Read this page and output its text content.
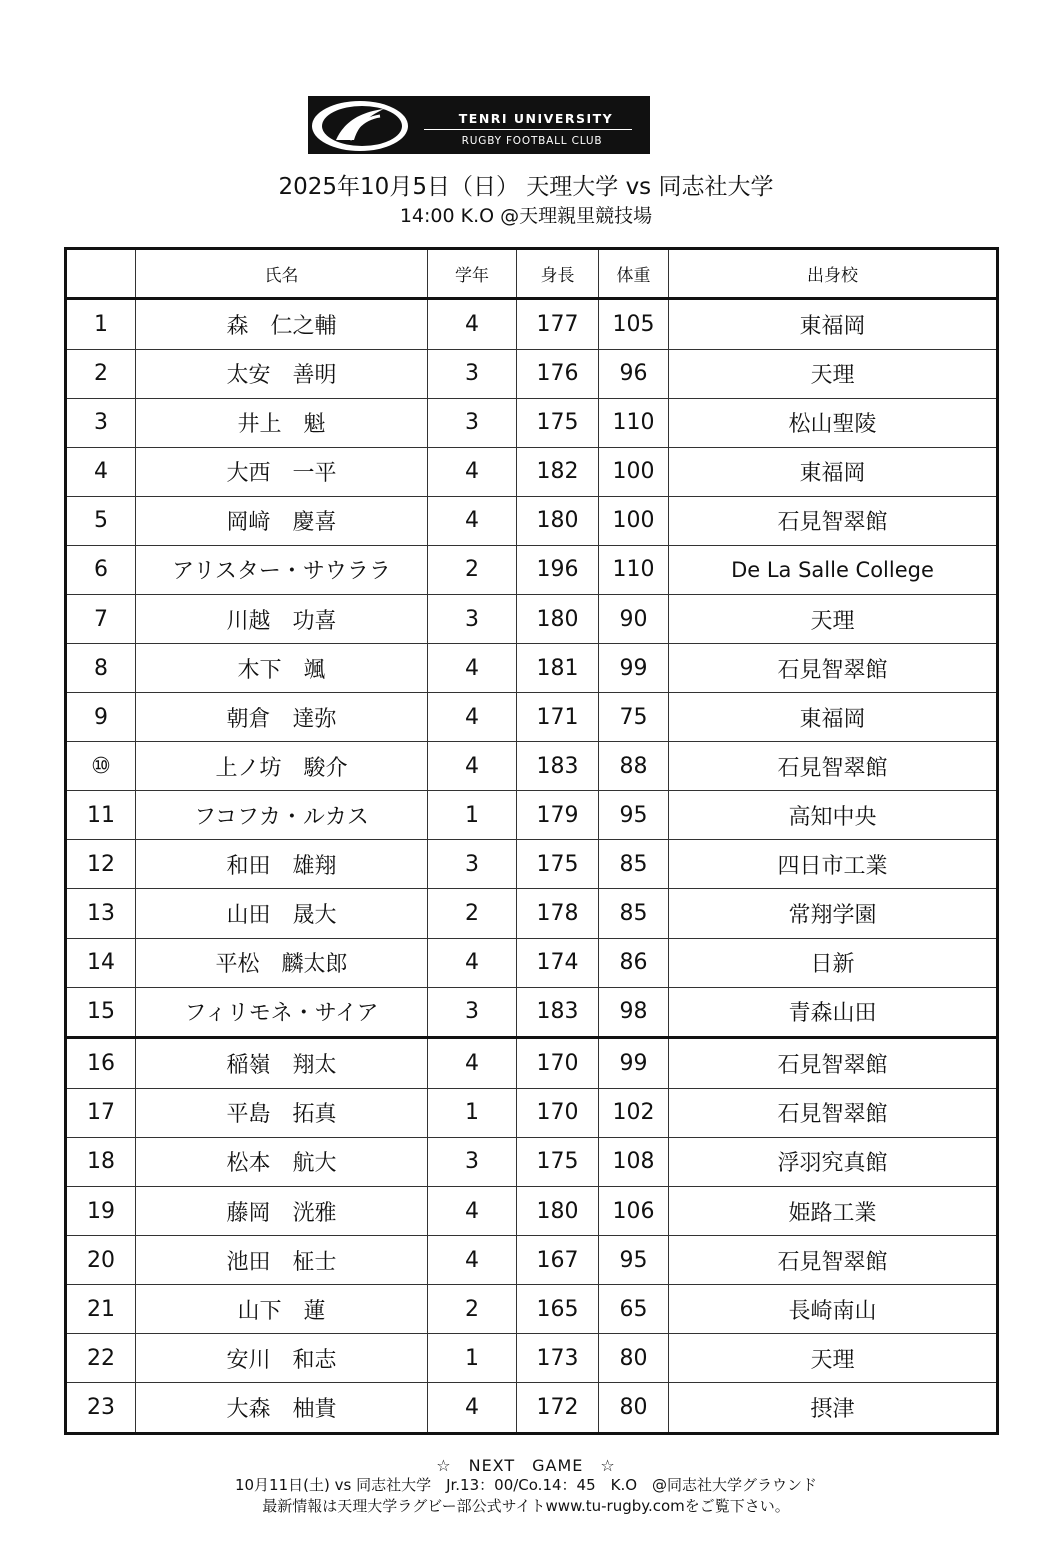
TENRI UNIVERSITY
RUGBY FOOTBALL CLUB
2025年10月5日（日） 天理大学 vs 同志社大学
14:00 K.O @天理親里競技場
	氏名	学年	身長	体重	出身校
1	森　仁之輔	4	177	105	東福岡
2	太安　善明	3	176	96	天理
3	井上　魁	3	175	110	松山聖陵
4	大西　一平	4	182	100	東福岡
5	岡﨑　慶喜	4	180	100	石見智翠館
6	アリスター・サウララ	2	196	110	De La Salle College
7	川越　功喜	3	180	90	天理
8	木下　颯	4	181	99	石見智翠館
9	朝倉　達弥	4	171	75	東福岡
⑩	上ノ坊　駿介	4	183	88	石見智翠館
11	フコフカ・ルカス	1	179	95	高知中央
12	和田　雄翔	3	175	85	四日市工業
13	山田　晟大	2	178	85	常翔学園
14	平松　麟太郎	4	174	86	日新
15	フィリモネ・サイア	3	183	98	青森山田
16	稲嶺　翔太	4	170	99	石見智翠館
17	平島　拓真	1	170	102	石見智翠館
18	松本　航大	3	175	108	浮羽究真館
19	藤岡　洸雅	4	180	106	姫路工業
20	池田　柾士	4	167	95	石見智翠館
21	山下　蓮	2	165	65	長崎南山
22	安川　和志	1	173	80	天理
23	大森　柚貴	4	172	80	摂津
☆　NEXT　GAME　☆
10月11日(土) vs 同志社大学　Jr.13：00/Co.14：45　K.O　@同志社大学グラウンド
最新情報は天理大学ラグビー部公式サイトwww.tu-rugby.comをご覧下さい。
